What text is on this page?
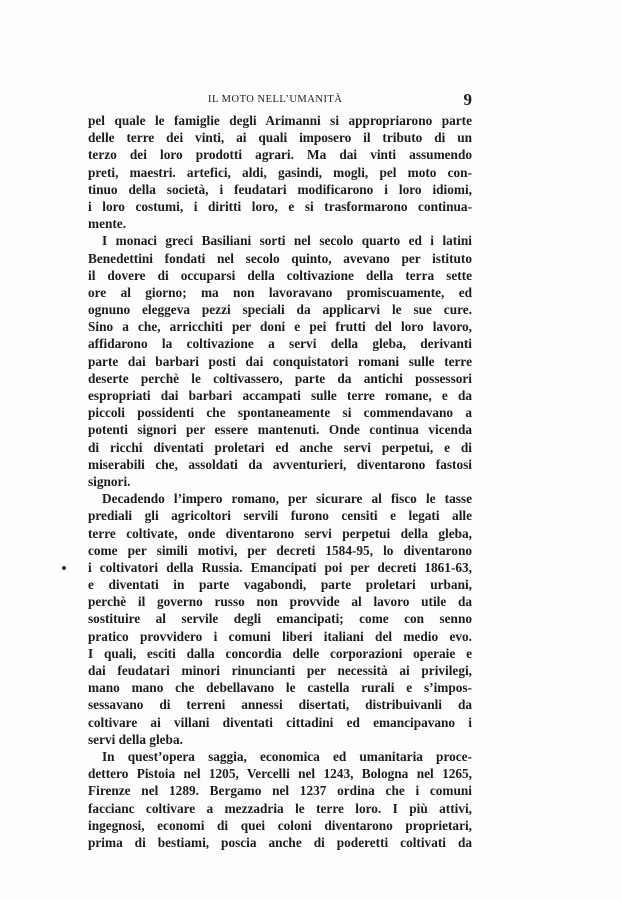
IL MOTO NELL’UMANITÀ	9
pel quale le famiglie degli Arimanni si appropriarono parte
delle terre dei vinti, ai quali imposero il tributo di un
terzo dei loro prodotti agrari. Ma dai vinti assumendo
preti, maestri. artefici, aldi, gasindi, mogli, pel moto con-
tinuo della società, i feudatari modificarono i loro idiomi,
i loro costumi, i diritti loro, e si trasformarono continua-
mente.
I monaci greci Basiliani sorti nel secolo quarto ed i latini
Benedettini fondati nel secolo quinto, avevano per istituto
il dovere di occuparsi della coltivazione della terra sette
ore al giorno; ma non lavoravano promiscuamente, ed
ognuno eleggeva pezzi speciali da applicarvi le sue cure.
Sino a che, arricchiti per doni e pei frutti del loro lavoro,
affidarono la coltivazione a servi della gleba, derivanti
parte dai barbari posti dai conquistatori romani sulle terre
deserte perchè le coltivassero, parte da antichi possessori
espropriati dai barbari accampati sulle terre romane, e da
piccoli possidenti che spontaneamente si commendavano a
potenti signori per essere mantenuti. Onde continua vicenda
di ricchi diventati proletari ed anche servi perpetui, e di
miserabili che, assoldati da avventurieri, diventarono fastosi
signori.
Decadendo l’impero romano, per sicurare al fisco le tasse
prediali gli agricoltori servili furono censiti e legati alle
terre coltivate, onde diventarono servi perpetui della gleba,
come per simili motivi, per decreti 1584-95, lo diventarono
i coltivatori della Russia. Emancipati poi per decreti 1861-63,
e diventati in parte vagabondi, parte proletari urbani,
perchè il governo russo non provvide al lavoro utile da
sostituire al servile degli emancipati; come con senno
pratico provvidero i comuni liberi italiani del medio evo.
I quali, esciti dalla concordia delle corporazioni operaie e
dai feudatari minori rinuncianti per necessità ai privilegi,
mano mano che debellavano le castella rurali e s’impos-
sessavano di terreni annessi disertati, distribuivanli da
coltivare ai villani diventati cittadini ed emancipavano i
servi della gleba.
In quest’opera saggia, economica ed umanitaria proce-
dettero Pistoia nel 1205, Vercelli nel 1243, Bologna nel 1265,
Firenze nel 1289. Bergamo nel 1237 ordina che i comuni
faccianc coltivare a mezzadria le terre loro. I più attivi,
ingegnosi, economi di quei coloni diventarono proprietari,
prima di bestiami, poscia anche di poderetti coltivati da
